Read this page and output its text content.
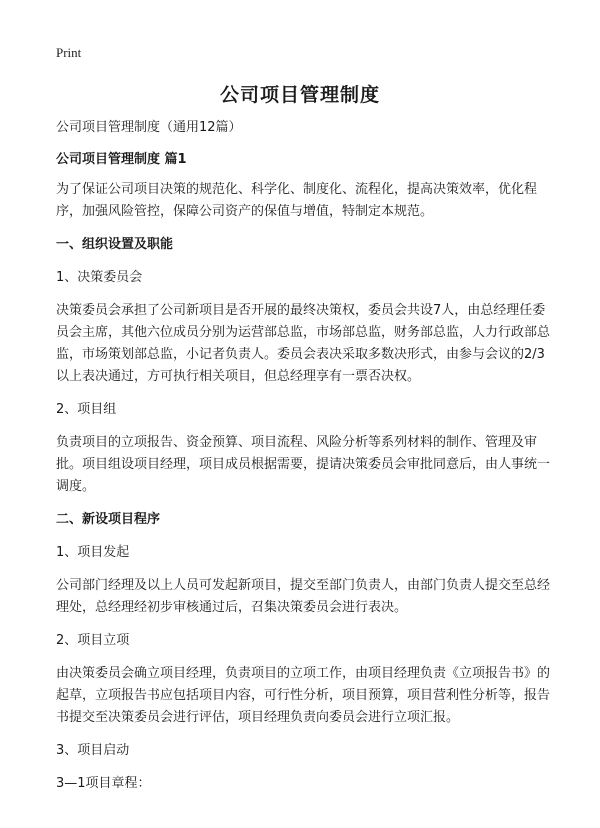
Print
公司项目管理制度

公司项目管理制度（通用12篇）

公司项目管理制度 篇1

为了保证公司项目决策的规范化、科学化、制度化、流程化，提高决策效率，优化程序，加强风险管控，保障公司资产的保值与增值，特制定本规范。

一、组织设置及职能

1、决策委员会

决策委员会承担了公司新项目是否开展的最终决策权，委员会共设7人，由总经理任委员会主席，其他六位成员分别为运营部总监，市场部总监，财务部总监，人力行政部总监，市场策划部总监，小记者负责人。委员会表决采取多数决形式，由参与会议的2/3以上表决通过，方可执行相关项目，但总经理享有一票否决权。

2、项目组

负责项目的立项报告、资金预算、项目流程、风险分析等系列材料的制作、管理及审批。项目组设项目经理，项目成员根据需要，提请决策委员会审批同意后，由人事统一调度。

二、新设项目程序

1、项目发起

公司部门经理及以上人员可发起新项目，提交至部门负责人，由部门负责人提交至总经理处，总经理经初步审核通过后，召集决策委员会进行表决。

2、项目立项

由决策委员会确立项目经理，负责项目的立项工作，由项目经理负责《立项报告书》的起草，立项报告书应包括项目内容，可行性分析，项目预算，项目营利性分析等，报告书提交至决策委员会进行评估，项目经理负责向委员会进行立项汇报。

3、项目启动

3—1项目章程：
